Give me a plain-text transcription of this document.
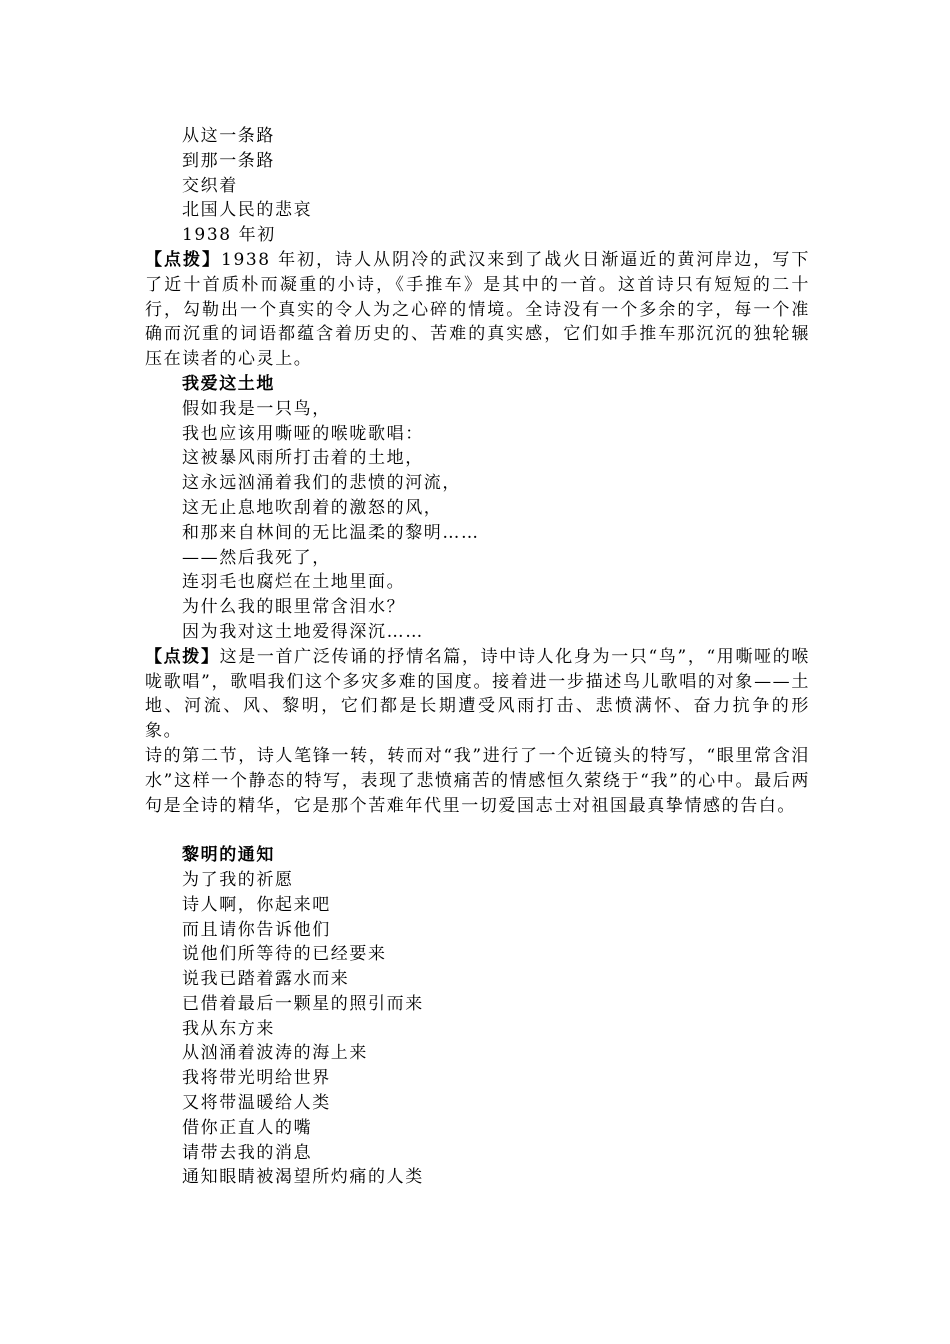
从这一条路
到那一条路
交织着
北国人民的悲哀
1938 年初

【点拨】1938 年初，诗人从阴冷的武汉来到了战火日渐逼近的黄河岸边，写下了近十首质朴而凝重的小诗，《手推车》是其中的一首。这首诗只有短短的二十行，勾勒出一个真实的令人为之心碎的情境。全诗没有一个多余的字，每一个准确而沉重的词语都蕴含着历史的、苦难的真实感，它们如手推车那沉沉的独轮辗压在读者的心灵上。

我爱这土地
假如我是一只鸟，
我也应该用嘶哑的喉咙歌唱：
这被暴风雨所打击着的土地，
这永远汹涌着我们的悲愤的河流，
这无止息地吹刮着的激怒的风，
和那来自林间的无比温柔的黎明……
——然后我死了，
连羽毛也腐烂在土地里面。
为什么我的眼里常含泪水？
因为我对这土地爱得深沉……

【点拨】这是一首广泛传诵的抒情名篇，诗中诗人化身为一只“鸟”，“用嘶哑的喉咙歌唱”，歌唱我们这个多灾多难的国度。接着进一步描述鸟儿歌唱的对象——土地、河流、风、黎明，它们都是长期遭受风雨打击、悲愤满怀、奋力抗争的形象。

诗的第二节，诗人笔锋一转，转而对“我”进行了一个近镜头的特写，“眼里常含泪水”这样一个静态的特写，表现了悲愤痛苦的情感恒久萦绕于“我”的心中。最后两句是全诗的精华，它是那个苦难年代里一切爱国志士对祖国最真挚情感的告白。

黎明的通知
为了我的祈愿
诗人啊，你起来吧
而且请你告诉他们
说他们所等待的已经要来
说我已踏着露水而来
已借着最后一颗星的照引而来
我从东方来
从汹涌着波涛的海上来
我将带光明给世界
又将带温暖给人类
借你正直人的嘴
请带去我的消息
通知眼睛被渴望所灼痛的人类
